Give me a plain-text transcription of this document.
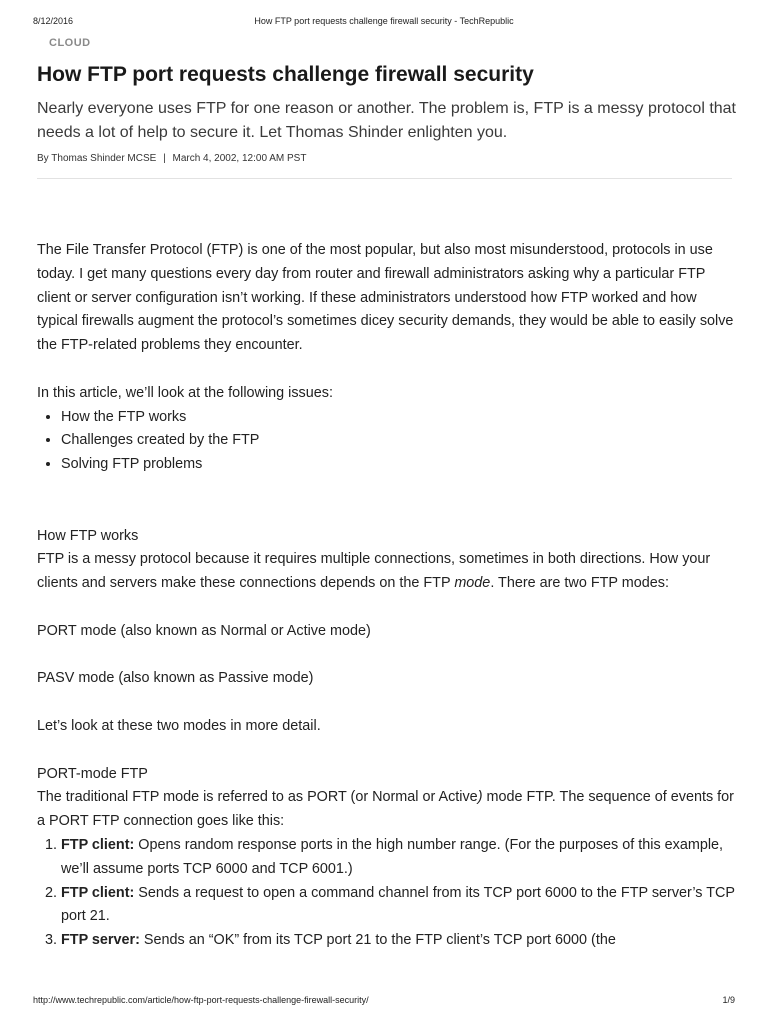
8/12/2016	How FTP port requests challenge firewall security - TechRepublic
CLOUD
How FTP port requests challenge firewall security

Nearly everyone uses FTP for one reason or another. The problem is, FTP is a messy protocol that needs a lot of help to secure it. Let Thomas Shinder enlighten you.

By Thomas Shinder MCSE | March 4, 2002, 12:00 AM PST

The File Transfer Protocol (FTP) is one of the most popular, but also most misunderstood, protocols in use today. I get many questions every day from router and firewall administrators asking why a particular FTP client or server configuration isn’t working. If these administrators understood how FTP worked and how typical firewalls augment the protocol’s sometimes dicey security demands, they would be able to easily solve the FTP-related problems they encounter.

In this article, we’ll look at the following issues:

• How the FTP works
• Challenges created by the FTP
• Solving FTP problems

How FTP works

FTP is a messy protocol because it requires multiple connections, sometimes in both directions. How your clients and servers make these connections depends on the FTP mode. There are two FTP modes:

PORT mode (also known as Normal or Active mode)

PASV mode (also known as Passive mode)

Let’s look at these two modes in more detail.

PORT-mode FTP

The traditional FTP mode is referred to as PORT (or Normal or Active) mode FTP. The sequence of events for a PORT FTP connection goes like this:

1. FTP client: Opens random response ports in the high number range. (For the purposes of this example, we’ll assume ports TCP 6000 and TCP 6001.)
2. FTP client: Sends a request to open a command channel from its TCP port 6000 to the FTP server’s TCP port 21.
3. FTP server: Sends an “OK” from its TCP port 21 to the FTP client’s TCP port 6000 (the
http://www.techrepublic.com/article/how-ftp-port-requests-challenge-firewall-security/	1/9
